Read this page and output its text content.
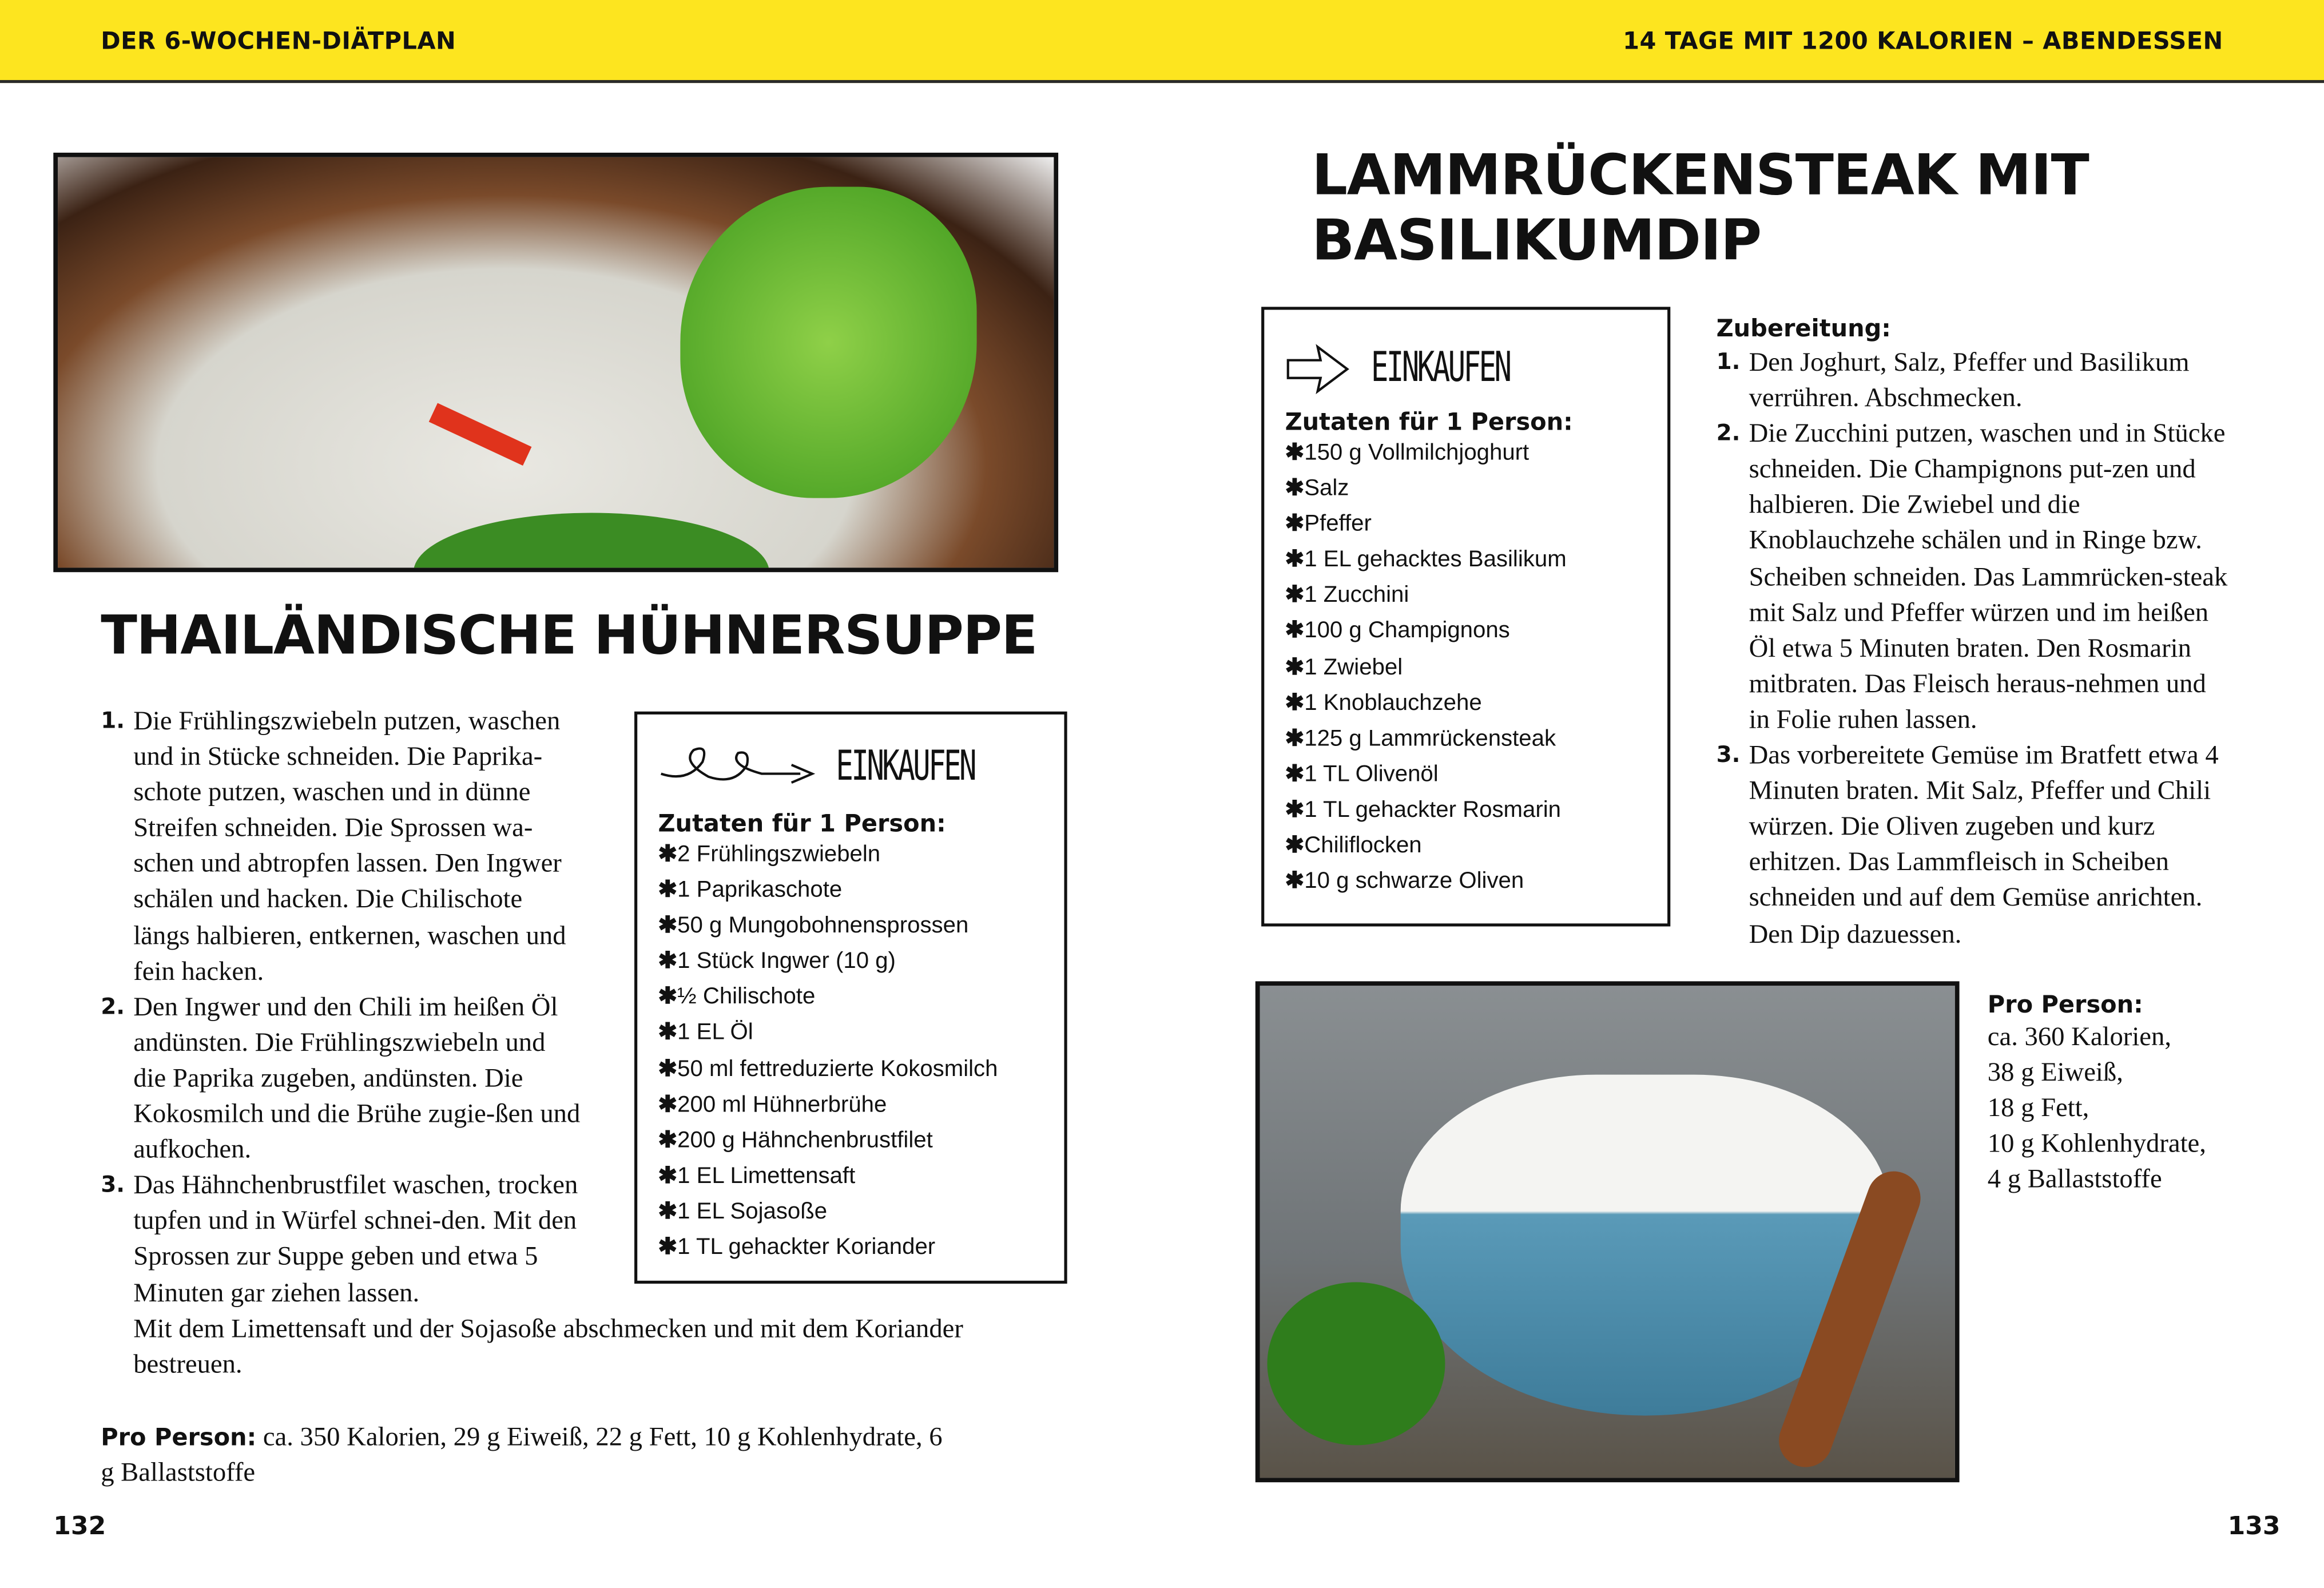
DER 6-WOCHEN-DIÄTPLAN	14 TAGE MIT 1200 KALORIEN – ABENDESSEN
THAILÄNDISCHE HÜHNERSUPPE
1. Die Frühlingszwiebeln putzen, waschen und in Stücke schneiden. Die Paprika-schote putzen, waschen und in dünne Streifen schneiden. Die Sprossen wa-schen und abtropfen lassen. Den Ingwer schälen und hacken. Die Chilischote längs halbieren, entkernen, waschen und fein hacken.
2. Den Ingwer und den Chili im heißen Öl andünsten. Die Frühlingszwiebeln und die Paprika zugeben, andünsten. Die Kokosmilch und die Brühe zugie-ßen und aufkochen.
3. Das Hähnchenbrustfilet waschen, trocken tupfen und in Würfel schnei-den. Mit den Sprossen zur Suppe geben und etwa 5 Minuten gar ziehen lassen.
Mit dem Limettensaft und der Sojasoße abschmecken und mit dem Koriander bestreuen.
EINKAUFEN
Zutaten für 1 Person:
✱ 2 Frühlingszwiebeln
✱ 1 Paprikaschote
✱ 50 g Mungobohnensprossen
✱ 1 Stück Ingwer (10 g)
✱ ½ Chilischote
✱ 1 EL Öl
✱ 50 ml fettreduzierte Kokosmilch
✱ 200 ml Hühnerbrühe
✱ 200 g Hähnchenbrustfilet
✱ 1 EL Limettensaft
✱ 1 EL Sojasoße
✱ 1 TL gehackter Koriander
Pro Person: ca. 350 Kalorien, 29 g Eiweiß, 22 g Fett, 10 g Kohlenhydrate, 6 g Ballaststoffe
132
LAMMRÜCKENSTEAK MIT
BASILIKUMDIP
EINKAUFEN
Zutaten für 1 Person:
✱ 150 g Vollmilchjoghurt
✱ Salz
✱ Pfeffer
✱ 1 EL gehacktes Basilikum
✱ 1 Zucchini
✱ 100 g Champignons
✱ 1 Zwiebel
✱ 1 Knoblauchzehe
✱ 125 g Lammrückensteak
✱ 1 TL Olivenöl
✱ 1 TL gehackter Rosmarin
✱ Chiliflocken
✱ 10 g schwarze Oliven
Zubereitung:
1. Den Joghurt, Salz, Pfeffer und Basilikum verrühren. Abschmecken.
2. Die Zucchini putzen, waschen und in Stücke schneiden. Die Champignons put-zen und halbieren. Die Zwiebel und die Knoblauchzehe schälen und in Ringe bzw. Scheiben schneiden. Das Lammrücken-steak mit Salz und Pfeffer würzen und im heißen Öl etwa 5 Minuten braten. Den Rosmarin mitbraten. Das Fleisch heraus-nehmen und in Folie ruhen lassen.
3. Das vorbereitete Gemüse im Bratfett etwa 4 Minuten braten. Mit Salz, Pfeffer und Chili würzen. Die Oliven zugeben und kurz erhitzen. Das Lammfleisch in Scheiben schneiden und auf dem Gemüse anrichten. Den Dip dazuessen.
Pro Person:
ca. 360 Kalorien,
38 g Eiweiß,
18 g Fett,
10 g Kohlenhydrate,
4 g Ballaststoffe
133
